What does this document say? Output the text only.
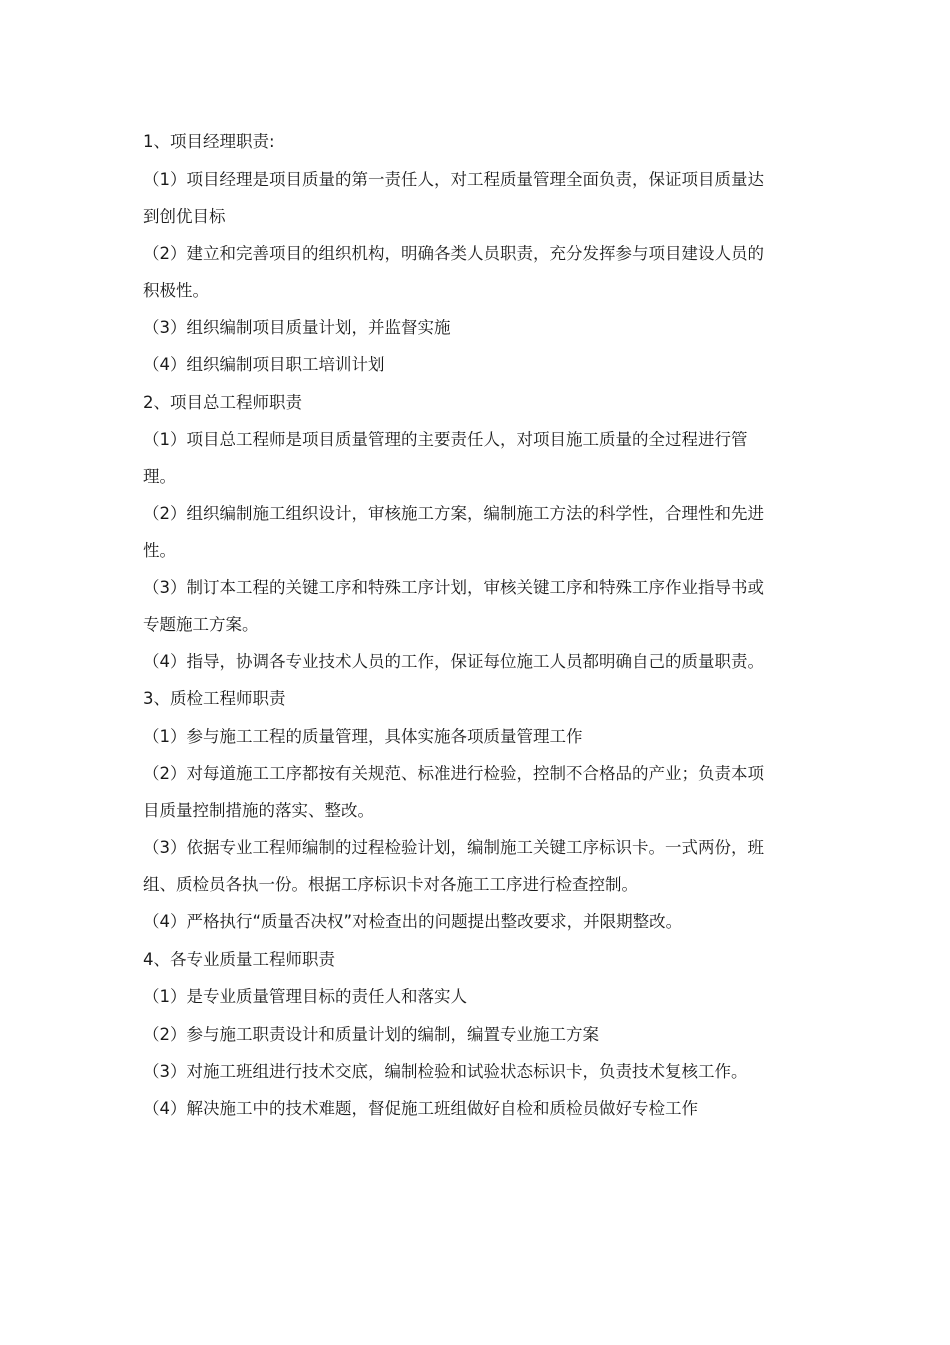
1、项目经理职责:

（1）项目经理是项目质量的第一责任人，对工程质量管理全面负责，保证项目质量达到创优目标

（2）建立和完善项目的组织机构，明确各类人员职责，充分发挥参与项目建设人员的积极性。

（3）组织编制项目质量计划，并监督实施

（4）组织编制项目职工培训计划

2、项目总工程师职责

（1）项目总工程师是项目质量管理的主要责任人，对项目施工质量的全过程进行管理。

（2）组织编制施工组织设计，审核施工方案，编制施工方法的科学性，合理性和先进性。

（3）制订本工程的关键工序和特殊工序计划，审核关键工序和特殊工序作业指导书或专题施工方案。

（4）指导，协调各专业技术人员的工作，保证每位施工人员都明确自己的质量职责。

3、质检工程师职责

（1）参与施工工程的质量管理，具体实施各项质量管理工作

（2）对每道施工工序都按有关规范、标准进行检验，控制不合格品的产业；负责本项目质量控制措施的落实、整改。

（3）依据专业工程师编制的过程检验计划，编制施工关键工序标识卡。一式两份，班组、质检员各执一份。根据工序标识卡对各施工工序进行检查控制。

（4）严格执行“质量否决权”对检查出的问题提出整改要求，并限期整改。

4、各专业质量工程师职责

（1）是专业质量管理目标的责任人和落实人

（2）参与施工职责设计和质量计划的编制，编置专业施工方案

（3）对施工班组进行技术交底，编制检验和试验状态标识卡，负责技术复核工作。

（4）解决施工中的技术难题，督促施工班组做好自检和质检员做好专检工作
